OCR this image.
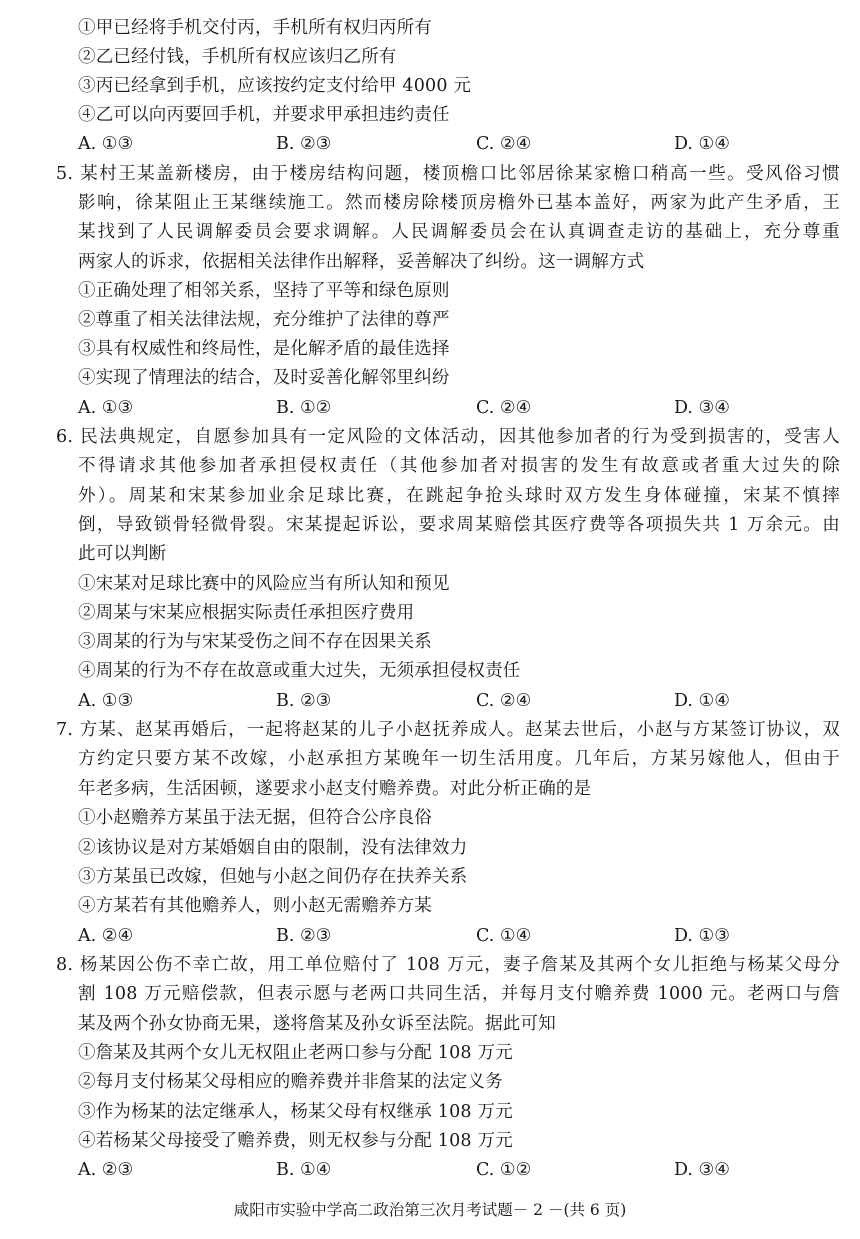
①甲已经将手机交付丙，手机所有权归丙所有
②乙已经付钱，手机所有权应该归乙所有
③丙已经拿到手机，应该按约定支付给甲 4000 元
④乙可以向丙要回手机，并要求甲承担违约责任
A. ①③	B. ②③	C. ②④	D. ①④
5. 某村王某盖新楼房，由于楼房结构问题，楼顶檐口比邻居徐某家檐口稍高一些。受风俗习惯
影响，徐某阻止王某继续施工。然而楼房除楼顶房檐外已基本盖好，两家为此产生矛盾，王
某找到了人民调解委员会要求调解。人民调解委员会在认真调查走访的基础上，充分尊重
两家人的诉求，依据相关法律作出解释，妥善解决了纠纷。这一调解方式
①正确处理了相邻关系，坚持了平等和绿色原则
②尊重了相关法律法规，充分维护了法律的尊严
③具有权威性和终局性，是化解矛盾的最佳选择
④实现了情理法的结合，及时妥善化解邻里纠纷
A. ①③	B. ①②	C. ②④	D. ③④
6. 民法典规定，自愿参加具有一定风险的文体活动，因其他参加者的行为受到损害的，受害人
不得请求其他参加者承担侵权责任（其他参加者对损害的发生有故意或者重大过失的除
外）。周某和宋某参加业余足球比赛，在跳起争抢头球时双方发生身体碰撞，宋某不慎摔
倒，导致锁骨轻微骨裂。宋某提起诉讼，要求周某赔偿其医疗费等各项损失共 1 万余元。由
此可以判断
①宋某对足球比赛中的风险应当有所认知和预见
②周某与宋某应根据实际责任承担医疗费用
③周某的行为与宋某受伤之间不存在因果关系
④周某的行为不存在故意或重大过失，无须承担侵权责任
A. ①③	B. ②③	C. ②④	D. ①④
7. 方某、赵某再婚后，一起将赵某的儿子小赵抚养成人。赵某去世后，小赵与方某签订协议，双
方约定只要方某不改嫁，小赵承担方某晚年一切生活用度。几年后，方某另嫁他人，但由于
年老多病，生活困顿，遂要求小赵支付赡养费。对此分析正确的是
①小赵赡养方某虽于法无据，但符合公序良俗
②该协议是对方某婚姻自由的限制，没有法律效力
③方某虽已改嫁，但她与小赵之间仍存在扶养关系
④方某若有其他赡养人，则小赵无需赡养方某
A. ②④	B. ②③	C. ①④	D. ①③
8. 杨某因公伤不幸亡故，用工单位赔付了 108 万元，妻子詹某及其两个女儿拒绝与杨某父母分
割 108 万元赔偿款，但表示愿与老两口共同生活，并每月支付赡养费 1000 元。老两口与詹
某及两个孙女协商无果，遂将詹某及孙女诉至法院。据此可知
①詹某及其两个女儿无权阻止老两口参与分配 108 万元
②每月支付杨某父母相应的赡养费并非詹某的法定义务
③作为杨某的法定继承人，杨某父母有权继承 108 万元
④若杨某父母接受了赡养费，则无权参与分配 108 万元
A. ②③	B. ①④	C. ①②	D. ③④
咸阳市实验中学高二政治第三次月考试题－ 2 －(共 6 页)
